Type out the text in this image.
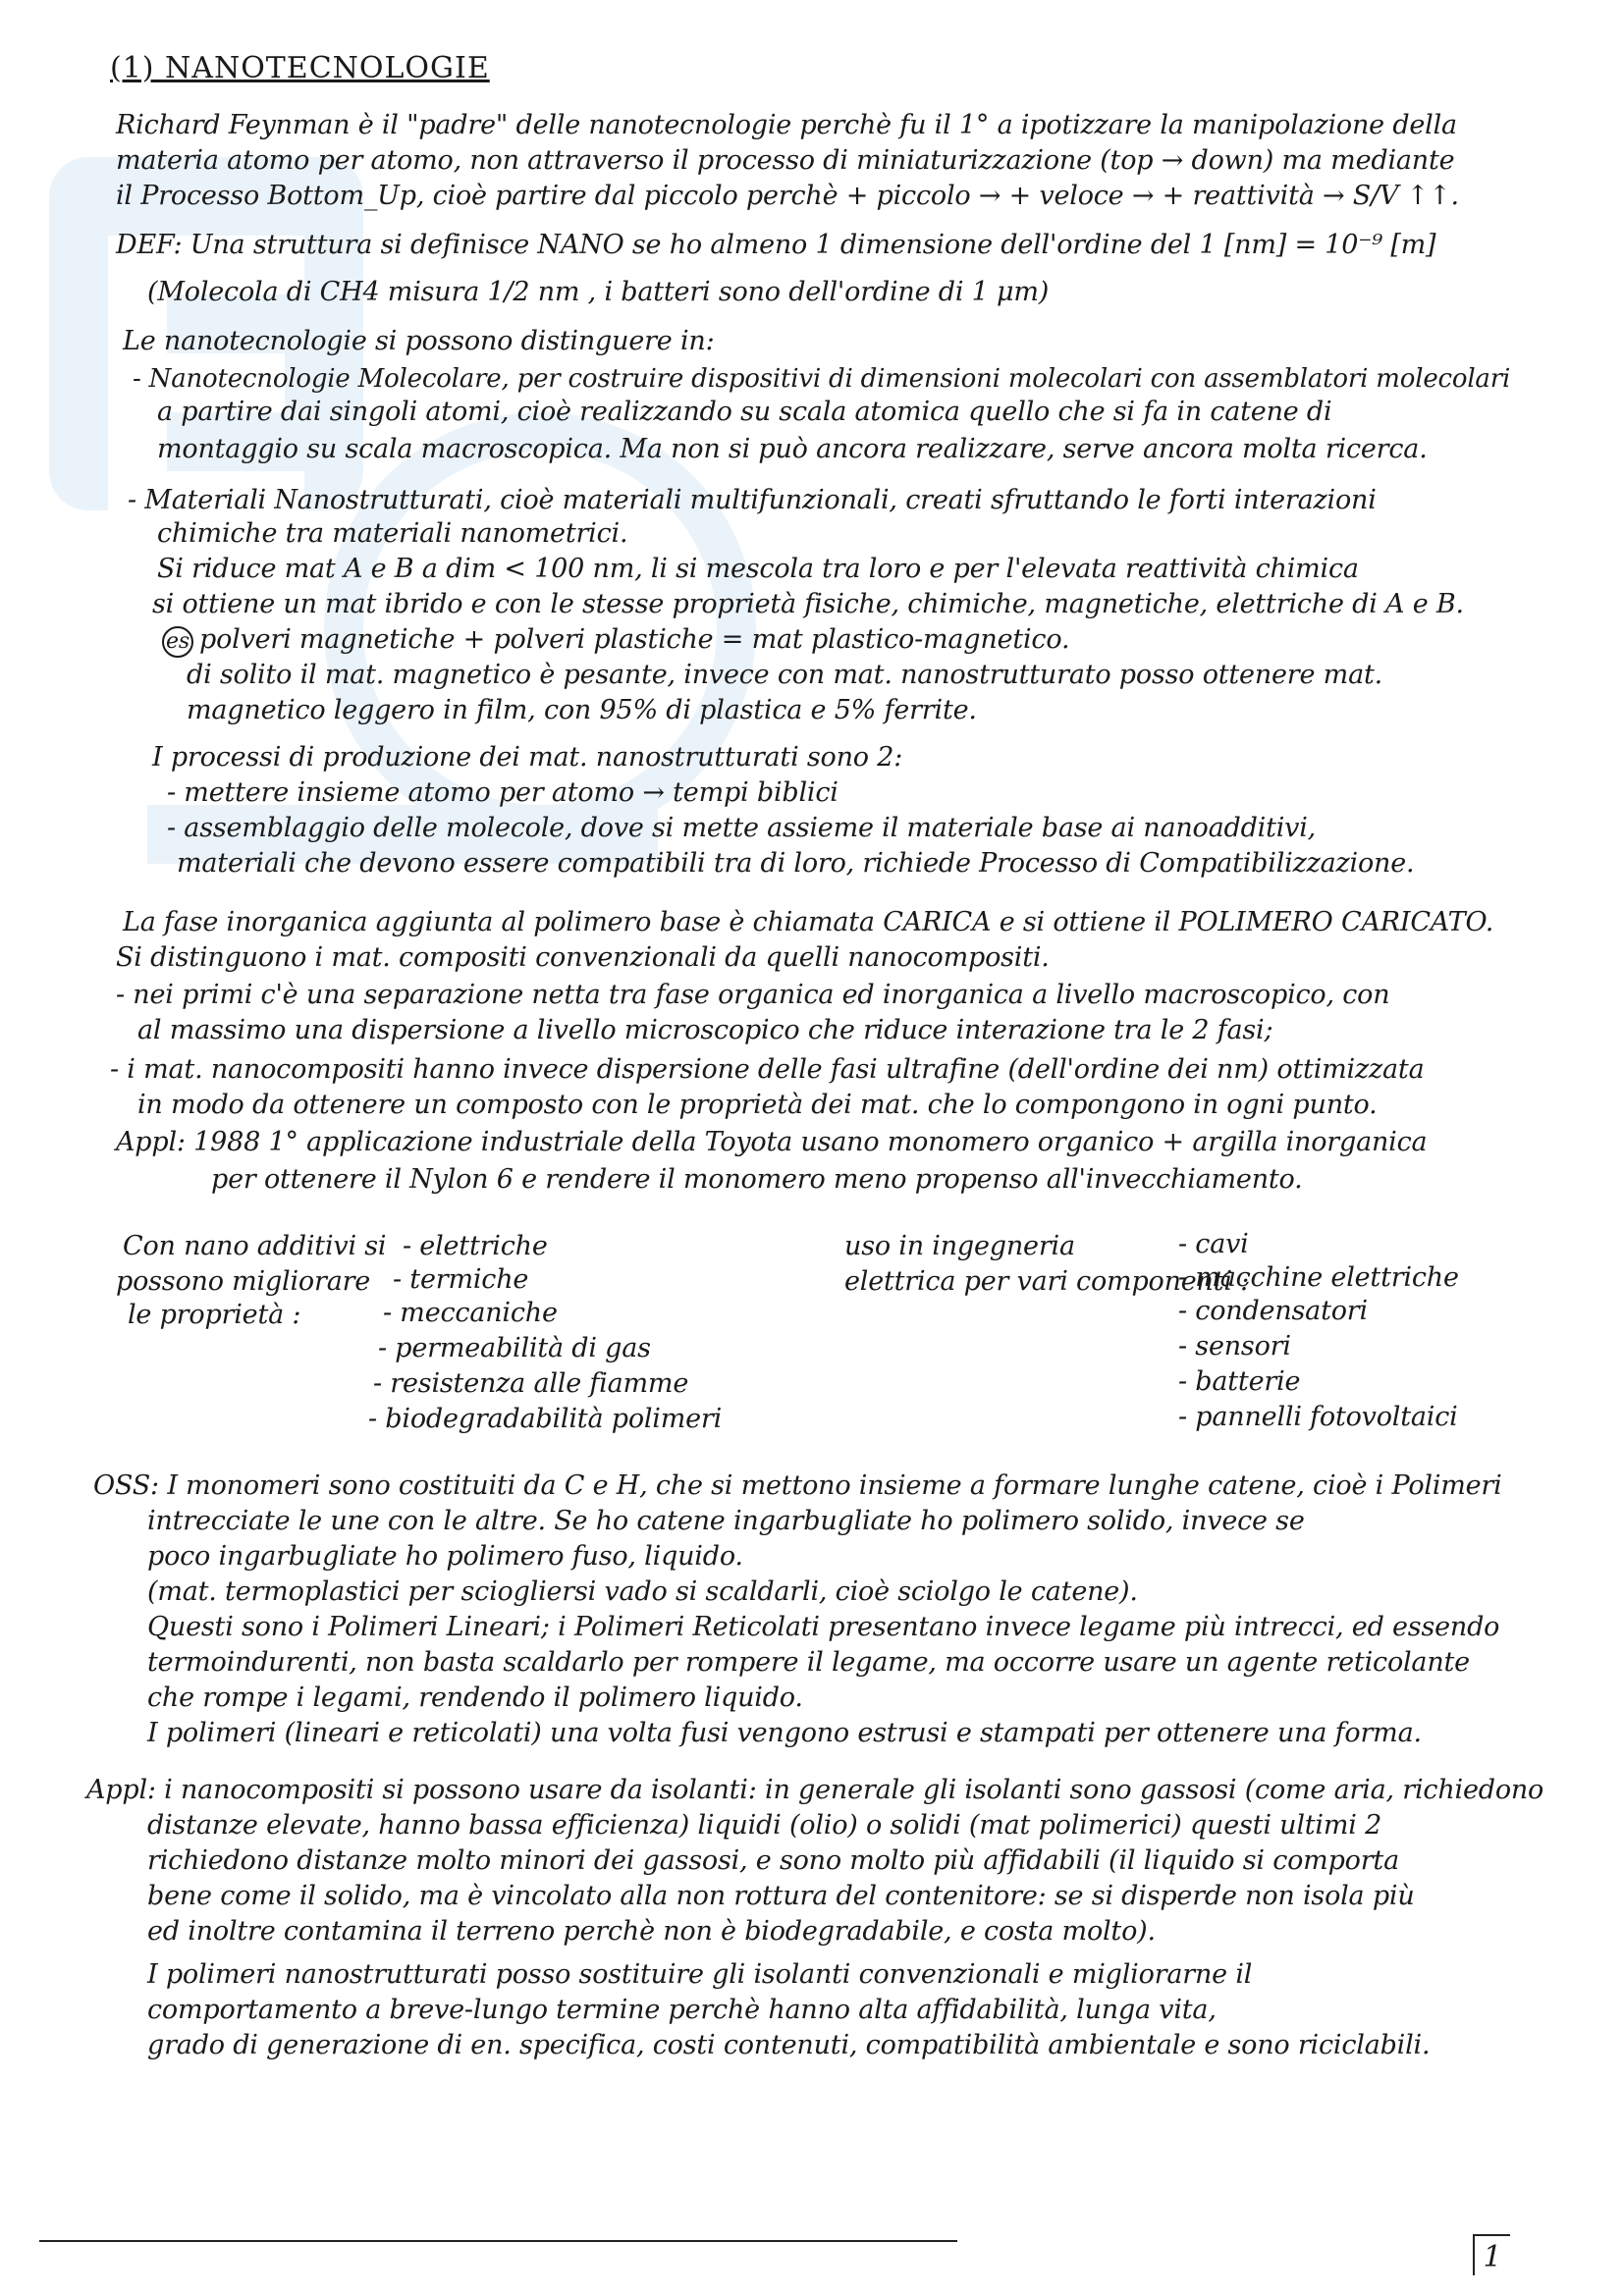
(1) NANOTECNOLOGIE
Richard Feynman è il "padre" delle nanotecnologie perchè fu il 1° a ipotizzare la manipolazione della
materia atomo per atomo, non attraverso il processo di miniaturizzazione (top → down) ma mediante
il Processo Bottom_Up, cioè partire dal piccolo perchè + piccolo → + veloce → + reattività → S/V ↑↑.
DEF: Una struttura si definisce NANO se ho almeno 1 dimensione dell'ordine del 1 [nm] = 10⁻⁹ [m]
(Molecola di CH4 misura 1/2 nm , i batteri sono dell'ordine di 1 μm)
Le nanotecnologie si possono distinguere in:
- Nanotecnologie Molecolare, per costruire dispositivi di dimensioni molecolari con assemblatori molecolari
a partire dai singoli atomi, cioè realizzando su scala atomica quello che si fa in catene di
montaggio su scala macroscopica. Ma non si può ancora realizzare, serve ancora molta ricerca.
- Materiali Nanostrutturati, cioè materiali multifunzionali, creati sfruttando le forti interazioni
chimiche tra materiali nanometrici.
Si riduce mat A e B a dim < 100 nm, li si mescola tra loro e per l'elevata reattività chimica
si ottiene un mat ibrido e con le stesse proprietà fisiche, chimiche, magnetiche, elettriche di A e B.
es polveri magnetiche + polveri plastiche = mat plastico-magnetico.
di solito il mat. magnetico è pesante, invece con mat. nanostrutturato posso ottenere mat.
magnetico leggero in film, con 95% di plastica e 5% ferrite.
I processi di produzione dei mat. nanostrutturati sono 2:
- mettere insieme atomo per atomo → tempi biblici
- assemblaggio delle molecole, dove si mette assieme il materiale base ai nanoadditivi,
materiali che devono essere compatibili tra di loro, richiede Processo di Compatibilizzazione.
La fase inorganica aggiunta al polimero base è chiamata CARICA e si ottiene il POLIMERO CARICATO.
Si distinguono i mat. compositi convenzionali da quelli nanocompositi.
- nei primi c'è una separazione netta tra fase organica ed inorganica a livello macroscopico, con
al massimo una dispersione a livello microscopico che riduce interazione tra le 2 fasi;
- i mat. nanocompositi hanno invece dispersione delle fasi ultrafine (dell'ordine dei nm) ottimizzata
in modo da ottenere un composto con le proprietà dei mat. che lo compongono in ogni punto.
Appl: 1988 1° applicazione industriale della Toyota usano monomero organico + argilla inorganica
per ottenere il Nylon 6 e rendere il monomero meno propenso all'invecchiamento.
Con nano additivi si
possono migliorare
le proprietà :
- elettriche
- termiche
- meccaniche
- permeabilità di gas
- resistenza alle fiamme
- biodegradabilità polimeri
uso in ingegneria
elettrica per vari componenti :
- cavi
- macchine elettriche
- condensatori
- sensori
- batterie
- pannelli fotovoltaici
OSS: I monomeri sono costituiti da C e H, che si mettono insieme a formare lunghe catene, cioè i Polimeri
intrecciate le une con le altre. Se ho catene ingarbugliate ho polimero solido, invece se
poco ingarbugliate ho polimero fuso, liquido.
(mat. termoplastici per sciogliersi vado si scaldarli, cioè sciolgo le catene).
Questi sono i Polimeri Lineari; i Polimeri Reticolati presentano invece legame più intrecci, ed essendo
termoindurenti, non basta scaldarlo per rompere il legame, ma occorre usare un agente reticolante
che rompe i legami, rendendo il polimero liquido.
I polimeri (lineari e reticolati) una volta fusi vengono estrusi e stampati per ottenere una forma.
Appl: i nanocompositi si possono usare da isolanti: in generale gli isolanti sono gassosi (come aria, richiedono
distanze elevate, hanno bassa efficienza) liquidi (olio) o solidi (mat polimerici) questi ultimi 2
richiedono distanze molto minori dei gassosi, e sono molto più affidabili (il liquido si comporta
bene come il solido, ma è vincolato alla non rottura del contenitore: se si disperde non isola più
ed inoltre contamina il terreno perchè non è biodegradabile, e costa molto).
I polimeri nanostrutturati posso sostituire gli isolanti convenzionali e migliorarne il
comportamento a breve-lungo termine perchè hanno alta affidabilità, lunga vita,
grado di generazione di en. specifica, costi contenuti, compatibilità ambientale e sono riciclabili.
1
